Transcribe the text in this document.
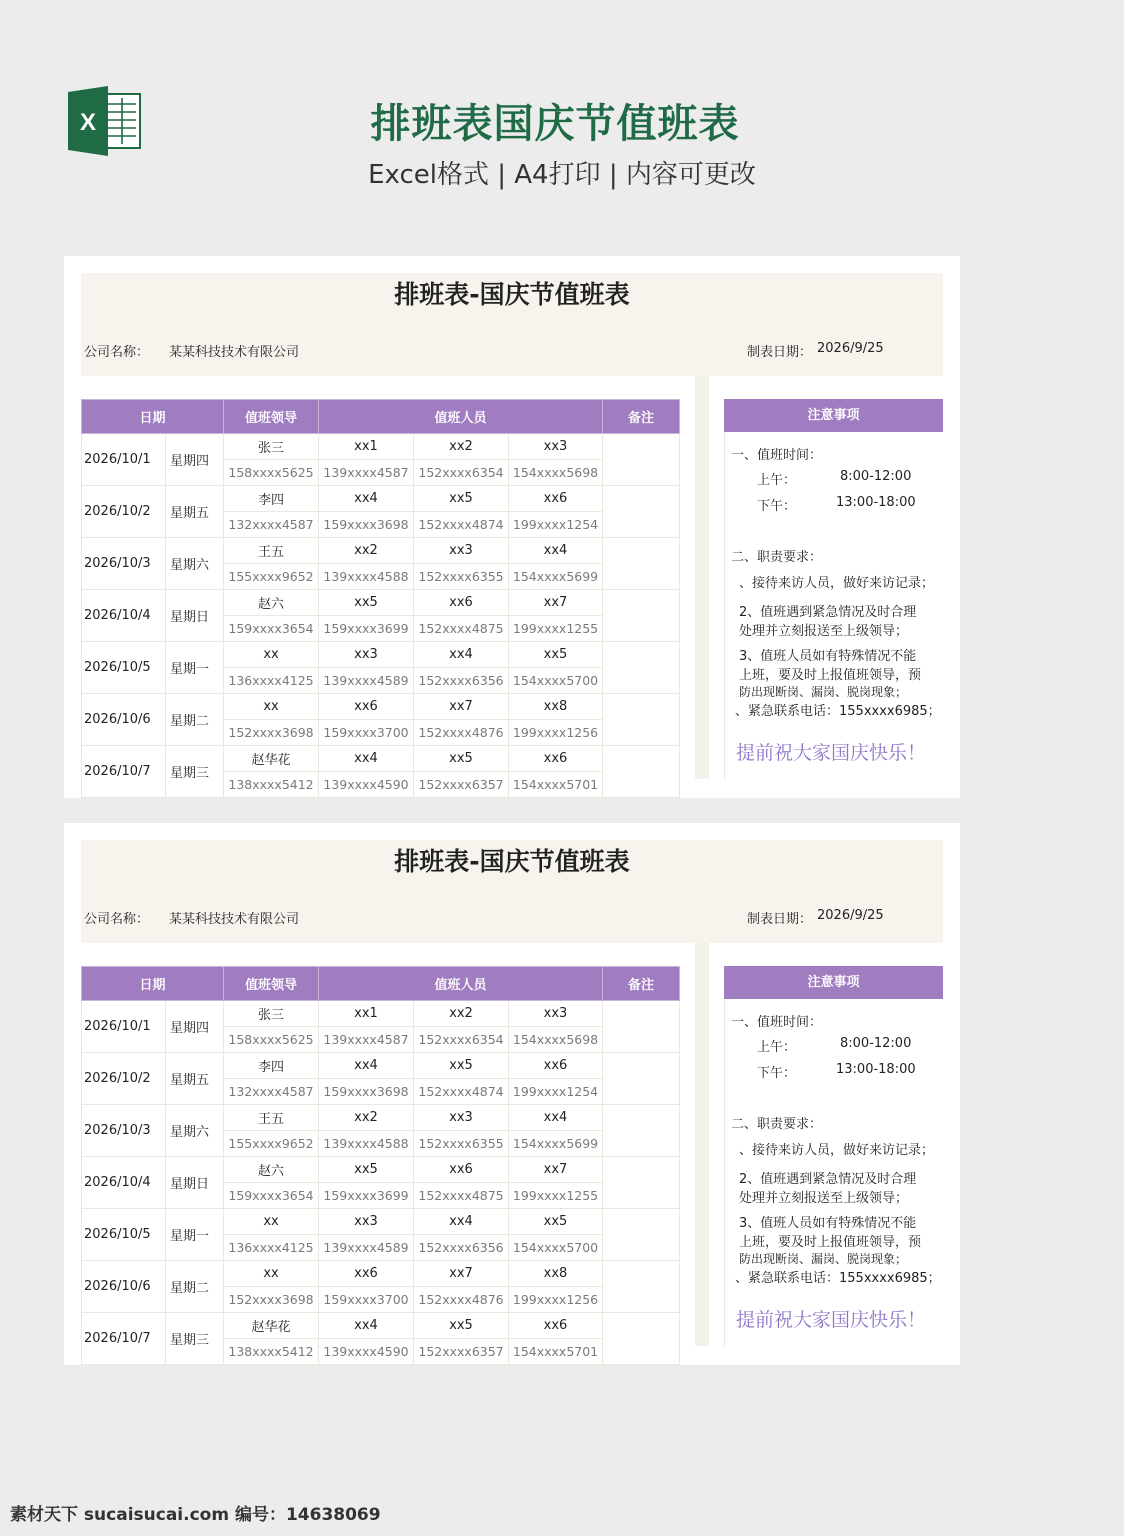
X	排班表国庆节值班表
Excel格式 | A4打印 | 内容可更改
排班表-国庆节值班表
公司名称： 某某科技技术有限公司	制表日期： 2026/9/25
日期		值班领导	值班人员			备注
2026/10/1	星期四	张三	xx1	xx2	xx3	
		158xxxx5625	139xxxx4587	152xxxx6354	154xxxx5698	
2026/10/2	星期五	李四	xx4	xx5	xx6	
		132xxxx4587	159xxxx3698	152xxxx4874	199xxxx1254	
2026/10/3	星期六	王五	xx2	xx3	xx4	
		155xxxx9652	139xxxx4588	152xxxx6355	154xxxx5699	
2026/10/4	星期日	赵六	xx5	xx6	xx7	
		159xxxx3654	159xxxx3699	152xxxx4875	199xxxx1255	
2026/10/5	星期一	xx	xx3	xx4	xx5	
		136xxxx4125	139xxxx4589	152xxxx6356	154xxxx5700	
2026/10/6	星期二	xx	xx6	xx7	xx8	
		152xxxx3698	159xxxx3700	152xxxx4876	199xxxx1256	
2026/10/7	星期三	赵华花	xx4	xx5	xx6	
		138xxxx5412	139xxxx4590	152xxxx6357	154xxxx5701	
注意事项
一、值班时间：
上午：	8:00-12:00
下午：	13:00-18:00
二、职责要求：
、接待来访人员，做好来访记录；
2、值班遇到紧急情况及时合理
处理并立刻报送至上级领导；
3、值班人员如有特殊情况不能
上班，要及时上报值班领导，预
防出现断岗、漏岗、脱岗现象；
、紧急联系电话：155xxxx6985；
提前祝大家国庆快乐！
排班表-国庆节值班表
公司名称： 某某科技技术有限公司	制表日期： 2026/9/25
日期		值班领导	值班人员			备注
2026/10/1	星期四	张三	xx1	xx2	xx3	
		158xxxx5625	139xxxx4587	152xxxx6354	154xxxx5698	
2026/10/2	星期五	李四	xx4	xx5	xx6	
		132xxxx4587	159xxxx3698	152xxxx4874	199xxxx1254	
2026/10/3	星期六	王五	xx2	xx3	xx4	
		155xxxx9652	139xxxx4588	152xxxx6355	154xxxx5699	
2026/10/4	星期日	赵六	xx5	xx6	xx7	
		159xxxx3654	159xxxx3699	152xxxx4875	199xxxx1255	
2026/10/5	星期一	xx	xx3	xx4	xx5	
		136xxxx4125	139xxxx4589	152xxxx6356	154xxxx5700	
2026/10/6	星期二	xx	xx6	xx7	xx8	
		152xxxx3698	159xxxx3700	152xxxx4876	199xxxx1256	
2026/10/7	星期三	赵华花	xx4	xx5	xx6	
		138xxxx5412	139xxxx4590	152xxxx6357	154xxxx5701	
注意事项
一、值班时间：
上午：	8:00-12:00
下午：	13:00-18:00
二、职责要求：
、接待来访人员，做好来访记录；
2、值班遇到紧急情况及时合理
处理并立刻报送至上级领导；
3、值班人员如有特殊情况不能
上班，要及时上报值班领导，预
防出现断岗、漏岗、脱岗现象；
、紧急联系电话：155xxxx6985；
提前祝大家国庆快乐！
素材天下 sucaisucai.com 编号：14638069
